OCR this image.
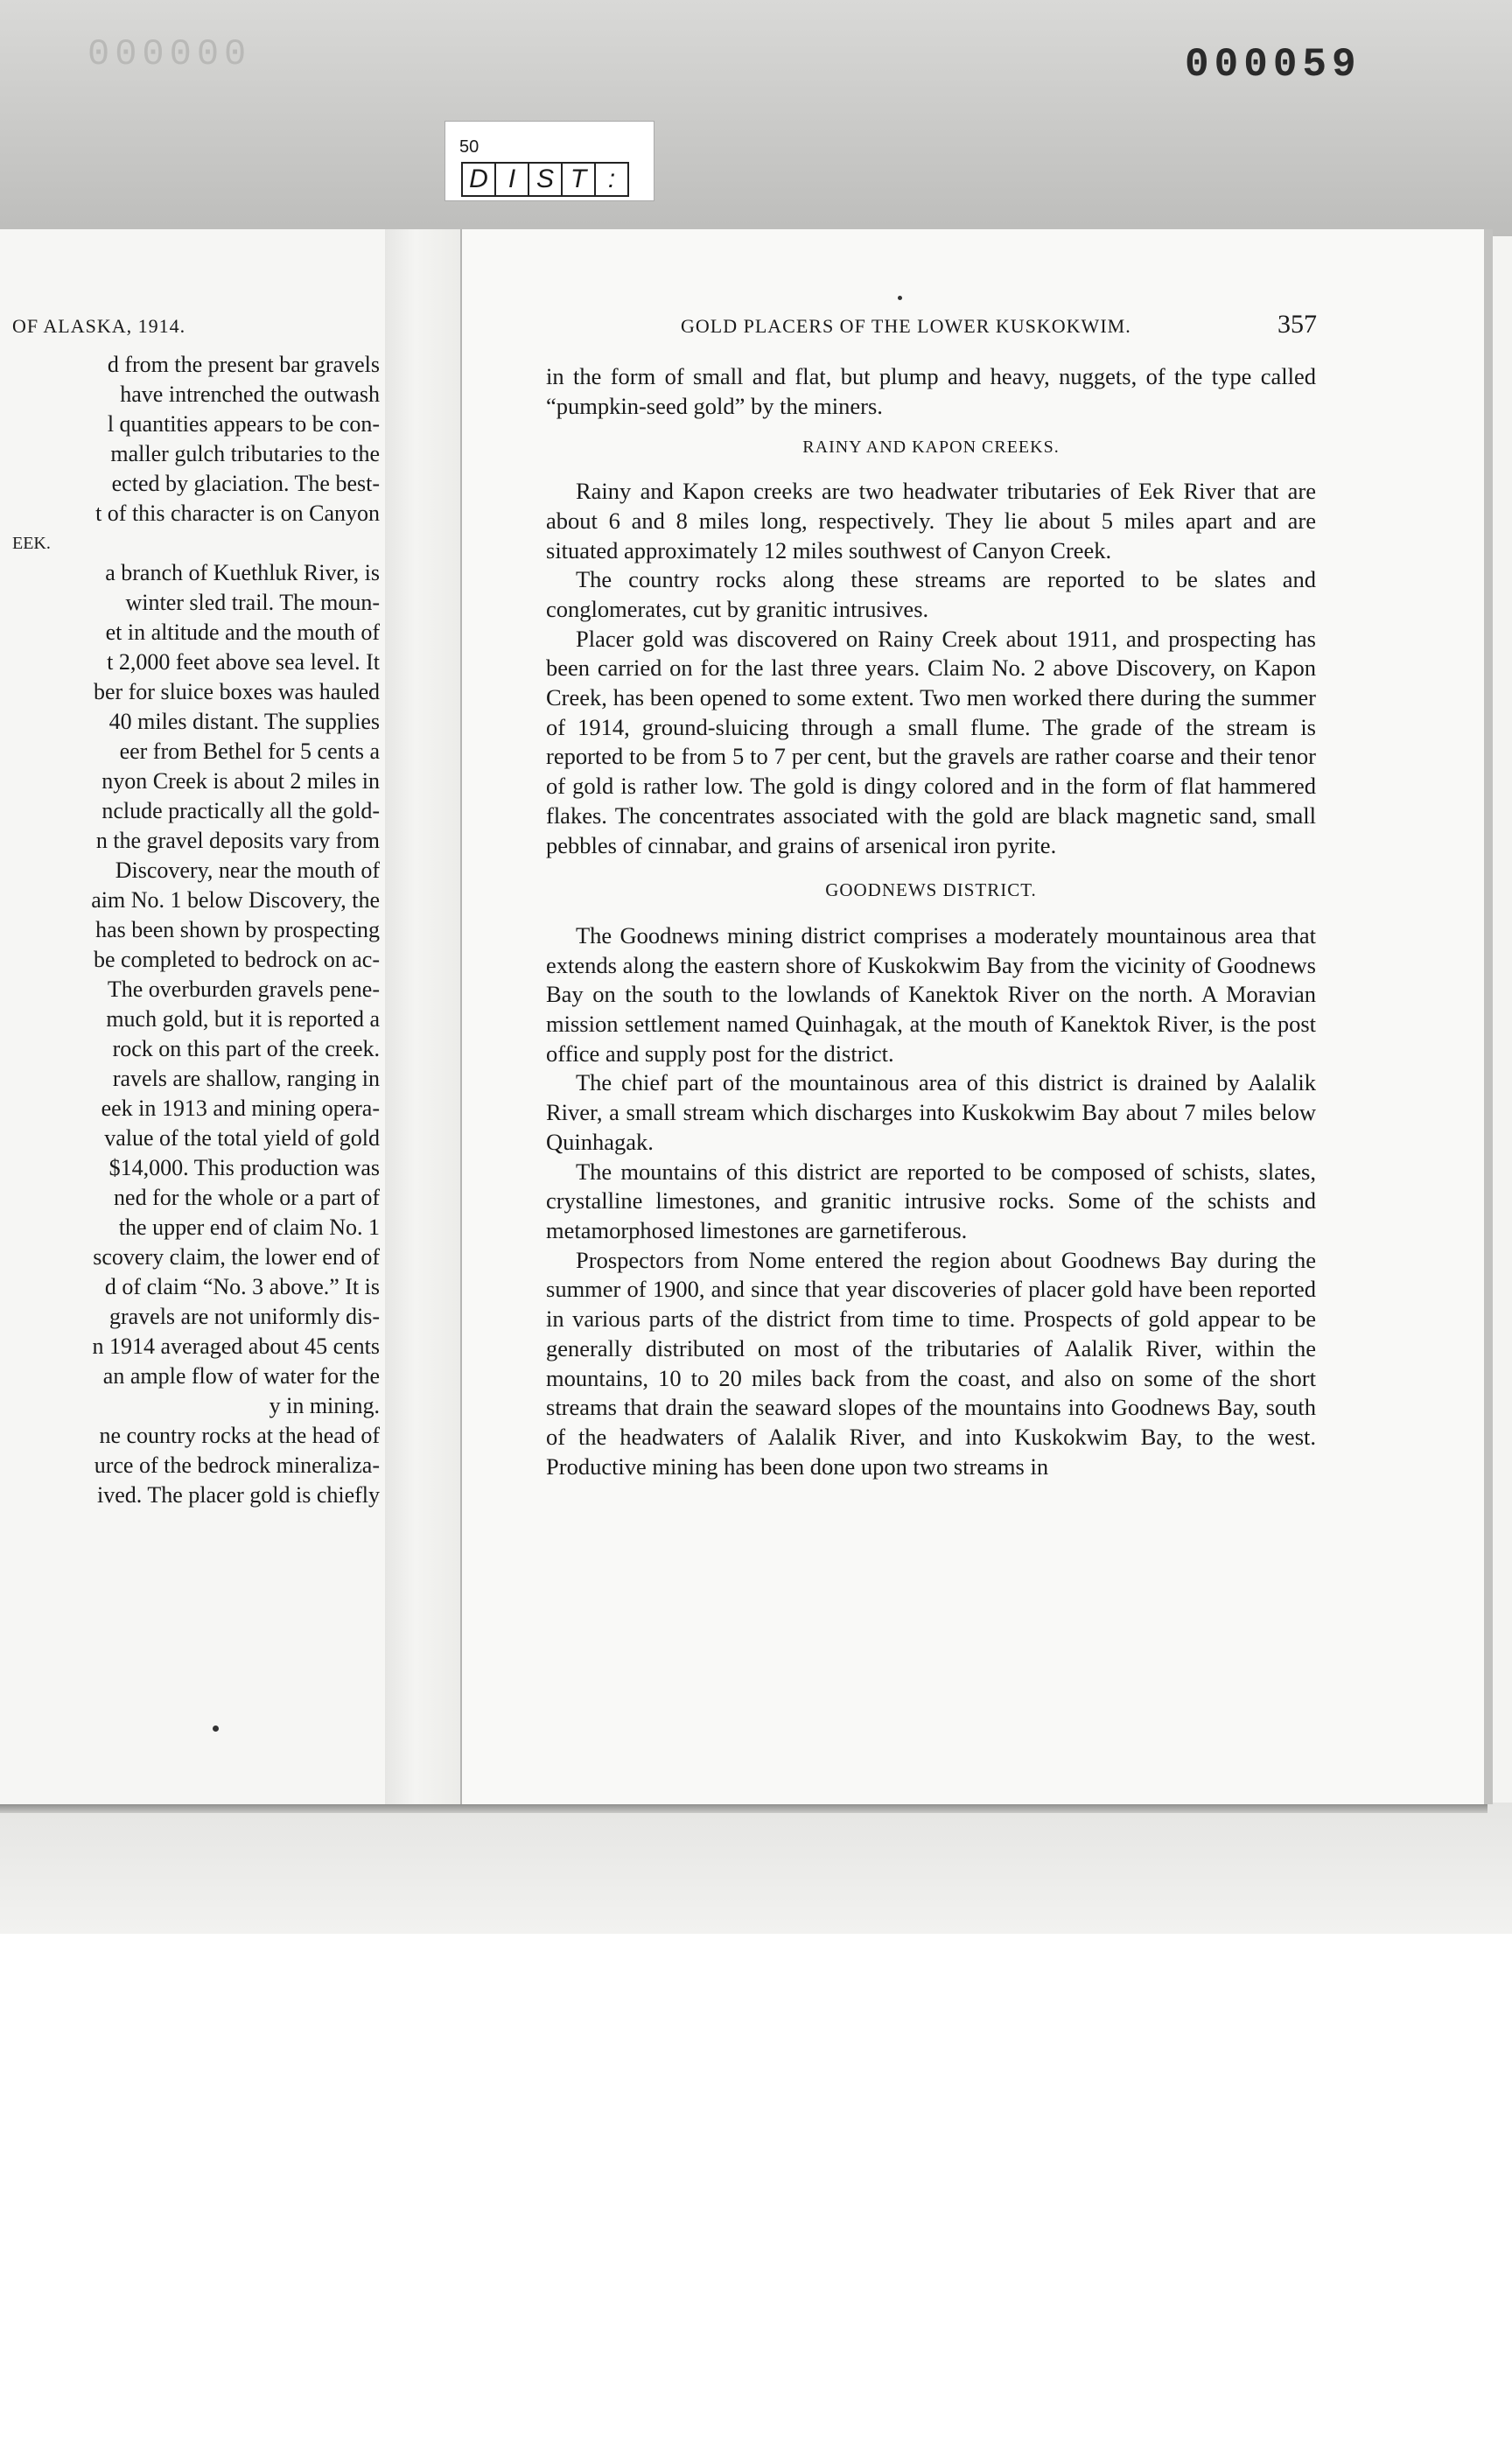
000000	000059
50
D I S T :
OF ALASKA, 1914.
d from the present bar gravels
have intrenched the outwash
l quantities appears to be con-
maller gulch tributaries to the
ected by glaciation. The best-
t of this character is on Canyon
EEK.
a branch of Kuethluk River, is
winter sled trail. The moun-
et in altitude and the mouth of
t 2,000 feet above sea level. It
ber for sluice boxes was hauled
40 miles distant. The supplies
eer from Bethel for 5 cents a
nyon Creek is about 2 miles in
nclude practically all the gold-
n the gravel deposits vary from
Discovery, near the mouth of
aim No. 1 below Discovery, the
has been shown by prospecting
be completed to bedrock on ac-
The overburden gravels pene-
much gold, but it is reported a
rock on this part of the creek.
ravels are shallow, ranging in
eek in 1913 and mining opera-
value of the total yield of gold
$14,000. This production was
ned for the whole or a part of
the upper end of claim No. 1
scovery claim, the lower end of
d of claim “No. 3 above.” It is
gravels are not uniformly dis-
n 1914 averaged about 45 cents
an ample flow of water for the
y in mining.
ne country rocks at the head of
urce of the bedrock mineraliza-
ived. The placer gold is chiefly
GOLD PLACERS OF THE LOWER KUSKOKWIM.	357

in the form of small and flat, but plump and heavy, nuggets, of the type called “pumpkin-seed gold” by the miners.

RAINY AND KAPON CREEKS.

Rainy and Kapon creeks are two headwater tributaries of Eek River that are about 6 and 8 miles long, respectively. They lie about 5 miles apart and are situated approximately 12 miles southwest of Canyon Creek.

The country rocks along these streams are reported to be slates and conglomerates, cut by granitic intrusives.

Placer gold was discovered on Rainy Creek about 1911, and prospecting has been carried on for the last three years. Claim No. 2 above Discovery, on Kapon Creek, has been opened to some extent. Two men worked there during the summer of 1914, ground-sluicing through a small flume. The grade of the stream is reported to be from 5 to 7 per cent, but the gravels are rather coarse and their tenor of gold is rather low. The gold is dingy colored and in the form of flat hammered flakes. The concentrates associated with the gold are black magnetic sand, small pebbles of cinnabar, and grains of arsenical iron pyrite.

GOODNEWS DISTRICT.

The Goodnews mining district comprises a moderately mountainous area that extends along the eastern shore of Kuskokwim Bay from the vicinity of Goodnews Bay on the south to the lowlands of Kanektok River on the north. A Moravian mission settlement named Quinhagak, at the mouth of Kanektok River, is the post office and supply post for the district.

The chief part of the mountainous area of this district is drained by Aalalik River, a small stream which discharges into Kuskokwim Bay about 7 miles below Quinhagak.

The mountains of this district are reported to be composed of schists, slates, crystalline limestones, and granitic intrusive rocks. Some of the schists and metamorphosed limestones are garnetiferous.

Prospectors from Nome entered the region about Goodnews Bay during the summer of 1900, and since that year discoveries of placer gold have been reported in various parts of the district from time to time. Prospects of gold appear to be generally distributed on most of the tributaries of Aalalik River, within the mountains, 10 to 20 miles back from the coast, and also on some of the short streams that drain the seaward slopes of the mountains into Goodnews Bay, south of the headwaters of Aalalik River, and into Kuskokwim Bay, to the west. Productive mining has been done upon two streams in
